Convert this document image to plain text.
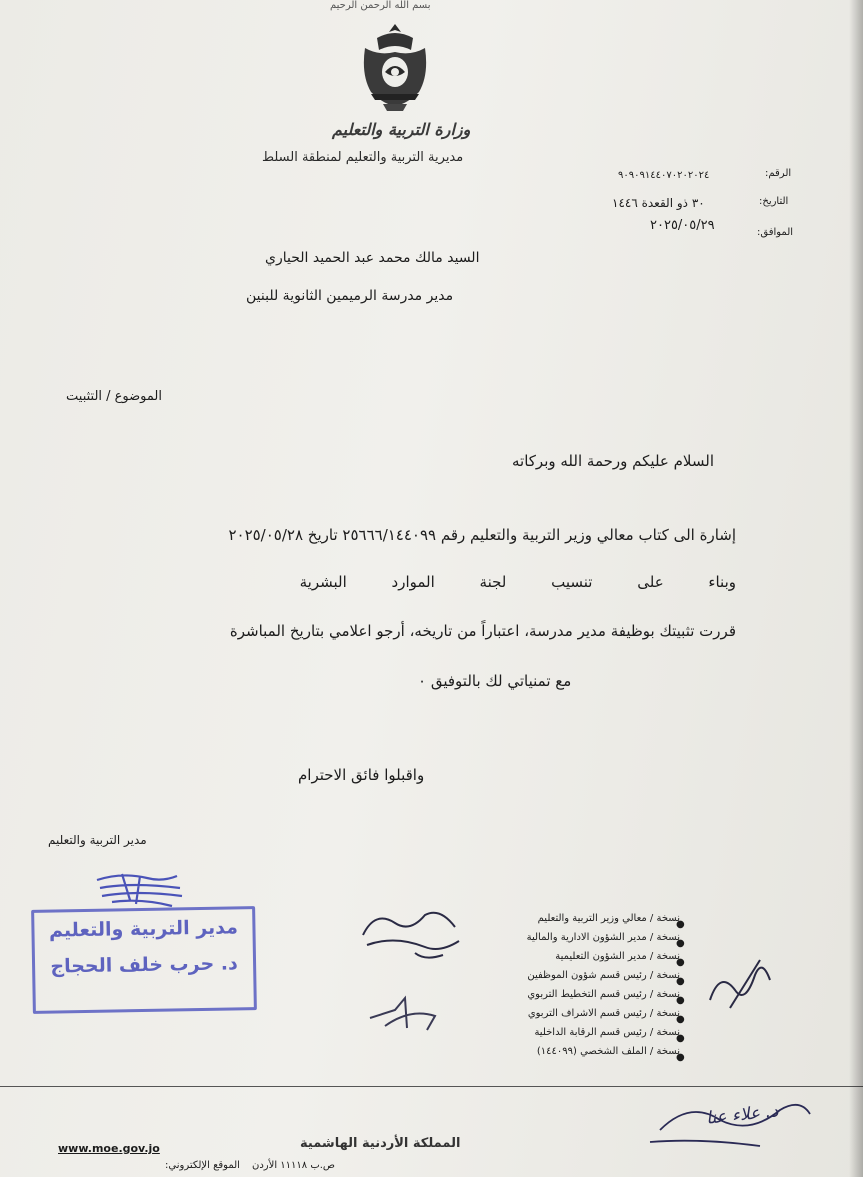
بسم الله الرحمن الرحيم
وزارة التربية والتعليم
مديرية التربية والتعليم لمنطقة السلط
الرقم:
٩٠٩٠٩١٤٤٠٧٠٢٠٢٠٢٤
التاريخ:
٣٠ ذو القعدة ١٤٤٦
الموافق:
٢٠٢٥/٠٥/٢٩
السيد مالك محمد عبد الحميد الحياري
مدير مدرسة الرميمين الثانوية للبنين
الموضوع / التثبيت
السلام عليكم ورحمة الله وبركاته
إشارة الى كتاب معالي وزير التربية والتعليم رقم ٢٥٦٦٦/١٤٤٠٩٩ تاريخ ٢٠٢٥/٠٥/٢٨
وبناء على تنسيب لجنة الموارد البشرية
قررت تثبيتك بوظيفة مدير مدرسة، اعتباراً من تاريخه، أرجو اعلامي بتاريخ المباشرة
مع تمنياتي لك بالتوفيق ٠
واقبلوا فائق الاحترام
مدير التربية والتعليم
مدير التربية والتعليم
د. حرب خلف الحجاج
نسخة / معالي وزير التربية والتعليم
نسخة / مدير الشؤون الادارية والمالية
نسخة / مدير الشؤون التعليمية
نسخة / رئيس قسم شؤون الموظفين
نسخة / رئيس قسم التخطيط التربوي
نسخة / رئيس قسم الاشراف التربوي
نسخة / رئيس قسم الرقابة الداخلية
نسخة / الملف الشخصي (١٤٤٠٩٩)
●
●
●
●
●
●
●
●
د. علاء عنا
المملكة الأردنية الهاشمية
www.moe.gov.jo
الموقع الإلكتروني: ص.ب ١١١١٨ الأردن
